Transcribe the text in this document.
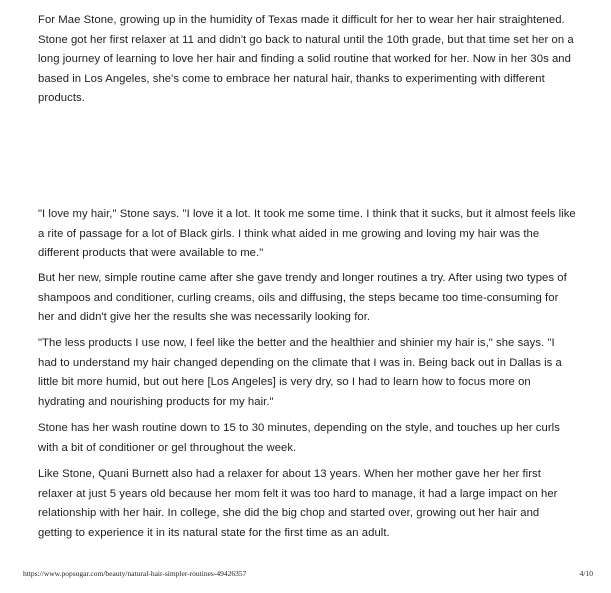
For Mae Stone, growing up in the humidity of Texas made it difficult for her to wear her hair straightened. Stone got her first relaxer at 11 and didn't go back to natural until the 10th grade, but that time set her on a long journey of learning to love her hair and finding a solid routine that worked for her. Now in her 30s and based in Los Angeles, she's come to embrace her natural hair, thanks to experimenting with different products.

"I love my hair," Stone says. "I love it a lot. It took me some time. I think that it sucks, but it almost feels like a rite of passage for a lot of Black girls. I think what aided in me growing and loving my hair was the different products that were available to me."

But her new, simple routine came after she gave trendy and longer routines a try. After using two types of shampoos and conditioner, curling creams, oils and diffusing, the steps became too time-consuming for her and didn't give her the results she was necessarily looking for.

"The less products I use now, I feel like the better and the healthier and shinier my hair is," she says. "I had to understand my hair changed depending on the climate that I was in. Being back out in Dallas is a little bit more humid, but out here [Los Angeles] is very dry, so I had to learn how to focus more on hydrating and nourishing products for my hair."

Stone has her wash routine down to 15 to 30 minutes, depending on the style, and touches up her curls with a bit of conditioner or gel throughout the week.

Like Stone, Quani Burnett also had a relaxer for about 13 years. When her mother gave her her first relaxer at just 5 years old because her mom felt it was too hard to manage, it had a large impact on her relationship with her hair. In college, she did the big chop and started over, growing out her hair and getting to experience it in its natural state for the first time as an adult.

https://www.popsugar.com/beauty/natural-hair-simpler-routines-49426357	4/10
